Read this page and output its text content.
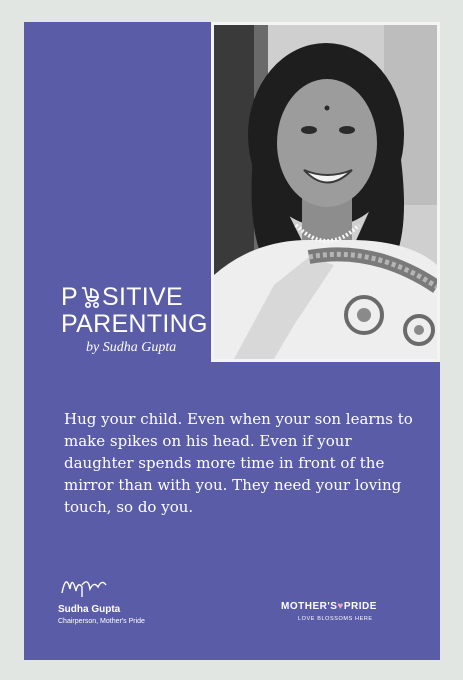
P SITIVE
PARENTING
by Sudha Gupta
Hug your child. Even when your son learns to make spikes on his head. Even if your daughter spends more time in front of the mirror than with you. They need your loving touch, so do you.
Sudha Gupta
Chairperson, Mother's Pride
MOTHER'S♥PRIDE
LOVE BLOSSOMS HERE
